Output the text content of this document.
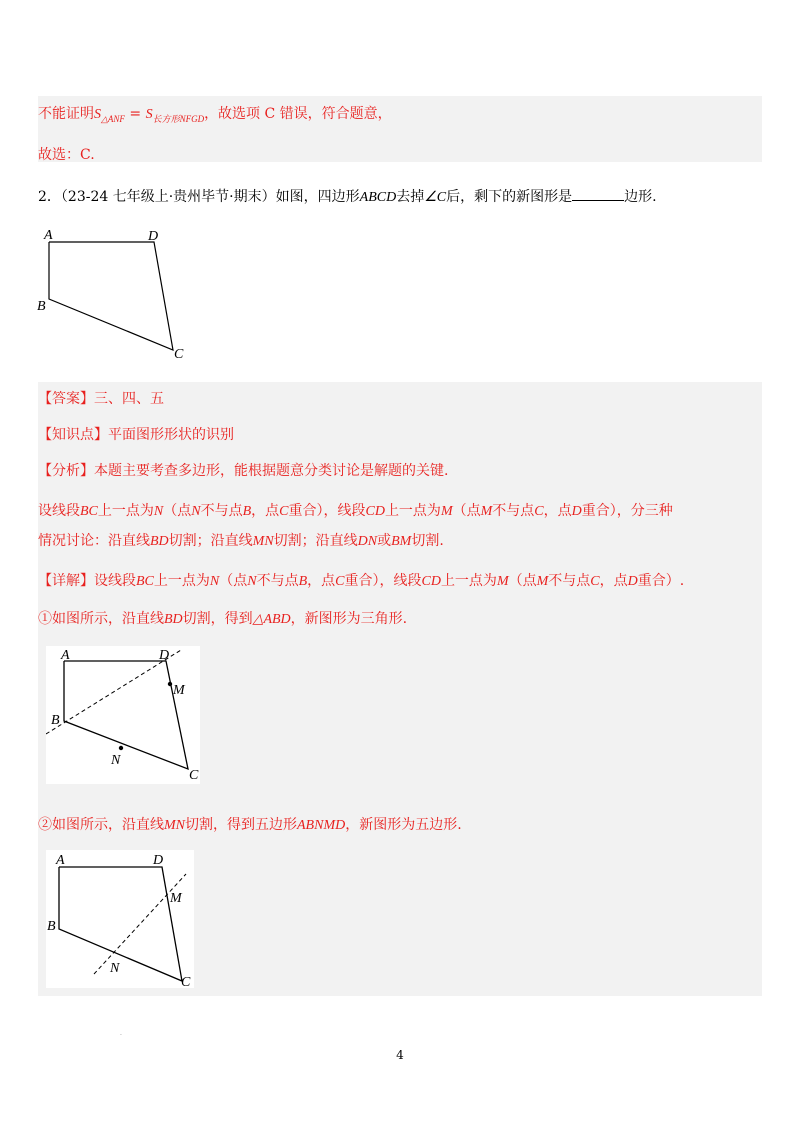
不能证明$S_{\triangle ANF} = S_{长方形NFGD}$，故选项 C 错误，符合题意，
故选：C.
2．（23-24 七年级上·贵州毕节·期末）如图，四边形ABCD去掉∠C后，剩下的新图形是	边形.
A	D
B
C
【答案】三、四、五
【知识点】平面图形形状的识别
【分析】本题主要考查多边形，能根据题意分类讨论是解题的关键.
设线段BC上一点为N（点N不与点B，点C重合），线段CD上一点为M（点M不与点C，点D重合），分三种
情况讨论：沿直线BD切割；沿直线MN切割；沿直线DN或BM切割.
【详解】设线段BC上一点为N（点N不与点B，点C重合），线段CD上一点为M（点M不与点C，点D重合）.
①如图所示，沿直线BD切割，得到△ABD，新图形为三角形.
A	D
B
C
M
N
②如图所示，沿直线MN切割，得到五边形ABNMD，新图形为五边形.
A	D
B
C
M
N
.
4
